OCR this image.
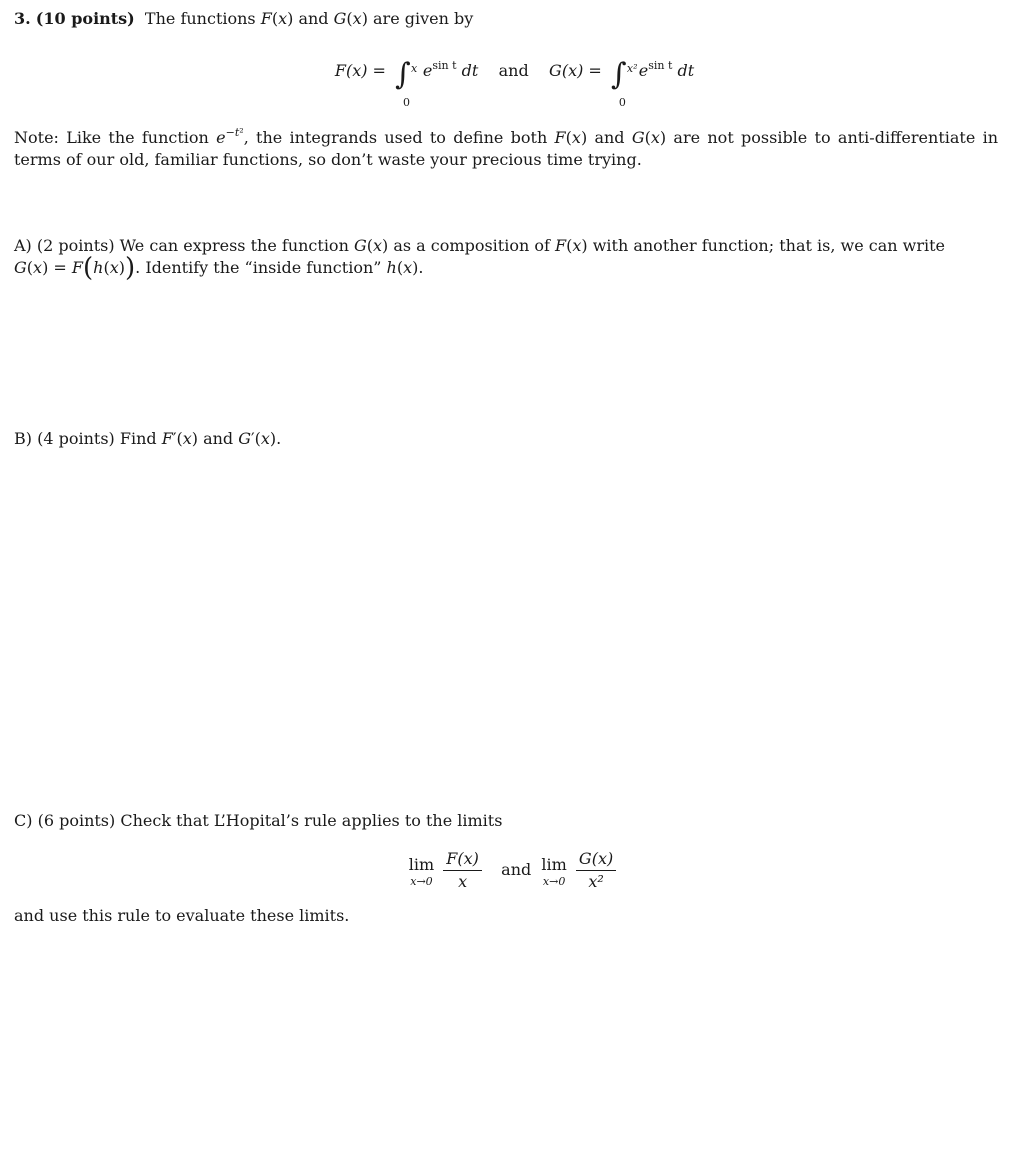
3. (10 points) The functions F(x) and G(x) are given by
F(x) = ∫ x
0
$e^{sin t}$ dt and G(x) = ∫ x²
0
$e^{sin t}$ dt
Note: Like the function $e^{-t^2}$, the integrands used to define both F(x) and G(x) are not possible to anti-differentiate in terms of our old, familiar functions, so don’t waste your precious time trying.
A) (2 points) We can express the function G(x) as a composition of F(x) with another function; that is, we can write
G(x) = F(h(x)). Identify the “inside function” h(x).
B) (4 points) Find F′(x) and G′(x).
C) (6 points) Check that L’Hopital’s rule applies to the limits
lim
x→0
$\frac{F(x)}{x}$ and lim
x→0
$\frac{G(x)}{\text{x²}}$
and use this rule to evaluate these limits.
